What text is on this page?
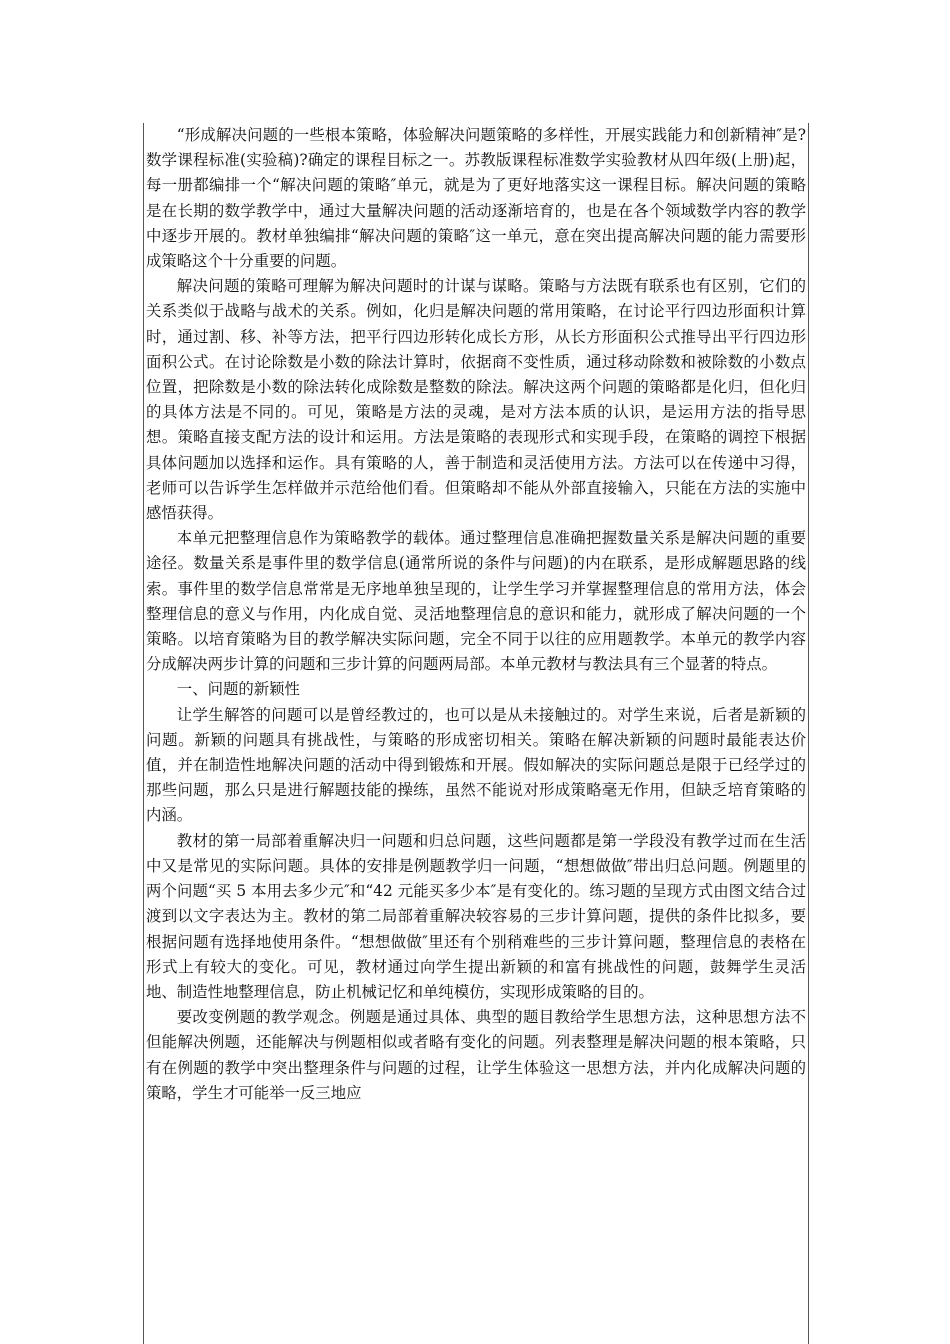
“形成解决问题的一些根本策略，体验解决问题策略的多样性，开展实践能力和创新精神″是?数学课程标准(实验稿)?确定的课程目标之一。苏教版课程标准数学实验教材从四年级(上册)起，每一册都编排一个“解决问题的策略″单元，就是为了更好地落实这一课程目标。解决问题的策略是在长期的数学教学中，通过大量解决问题的活动逐渐培育的，也是在各个领域数学内容的教学中逐步开展的。教材单独编排“解决问题的策略″这一单元，意在突出提高解决问题的能力需要形成策略这个十分重要的问题。

解决问题的策略可理解为解决问题时的计谋与谋略。策略与方法既有联系也有区别，它们的关系类似于战略与战术的关系。例如，化归是解决问题的常用策略，在讨论平行四边形面积计算时，通过割、移、补等方法，把平行四边形转化成长方形，从长方形面积公式推导出平行四边形面积公式。在讨论除数是小数的除法计算时，依据商不变性质，通过移动除数和被除数的小数点位置，把除数是小数的除法转化成除数是整数的除法。解决这两个问题的策略都是化归，但化归的具体方法是不同的。可见，策略是方法的灵魂，是对方法本质的认识，是运用方法的指导思想。策略直接支配方法的设计和运用。方法是策略的表现形式和实现手段，在策略的调控下根据具体问题加以选择和运作。具有策略的人，善于制造和灵活使用方法。方法可以在传递中习得，老师可以告诉学生怎样做并示范给他们看。但策略却不能从外部直接输入，只能在方法的实施中感悟获得。

本单元把整理信息作为策略教学的载体。通过整理信息准确把握数量关系是解决问题的重要途径。数量关系是事件里的数学信息(通常所说的条件与问题)的内在联系，是形成解题思路的线索。事件里的数学信息常常是无序地单独呈现的，让学生学习并掌握整理信息的常用方法，体会整理信息的意义与作用，内化成自觉、灵活地整理信息的意识和能力，就形成了解决问题的一个策略。以培育策略为目的教学解决实际问题，完全不同于以往的应用题教学。本单元的教学内容分成解决两步计算的问题和三步计算的问题两局部。本单元教材与教法具有三个显著的特点。

一、问题的新颖性

让学生解答的问题可以是曾经教过的，也可以是从未接触过的。对学生来说，后者是新颖的问题。新颖的问题具有挑战性，与策略的形成密切相关。策略在解决新颖的问题时最能表达价值，并在制造性地解决问题的活动中得到锻炼和开展。假如解决的实际问题总是限于已经学过的那些问题，那么只是进行解题技能的操练，虽然不能说对形成策略毫无作用，但缺乏培育策略的内涵。

教材的第一局部着重解决归一问题和归总问题，这些问题都是第一学段没有教学过而在生活中又是常见的实际问题。具体的安排是例题教学归一问题，“想想做做″带出归总问题。例题里的两个问题“买 5 本用去多少元″和“42 元能买多少本″是有变化的。练习题的呈现方式由图文结合过渡到以文字表达为主。教材的第二局部着重解决较容易的三步计算问题，提供的条件比拟多，要根据问题有选择地使用条件。“想想做做″里还有个别稍难些的三步计算问题，整理信息的表格在形式上有较大的变化。可见，教材通过向学生提出新颖的和富有挑战性的问题，鼓舞学生灵活地、制造性地整理信息，防止机械记忆和单纯模仿，实现形成策略的目的。

要改变例题的教学观念。例题是通过具体、典型的题目教给学生思想方法，这种思想方法不但能解决例题，还能解决与例题相似或者略有变化的问题。列表整理是解决问题的根本策略，只有在例题的教学中突出整理条件与问题的过程，让学生体验这一思想方法，并内化成解决问题的策略，学生才可能举一反三地应
